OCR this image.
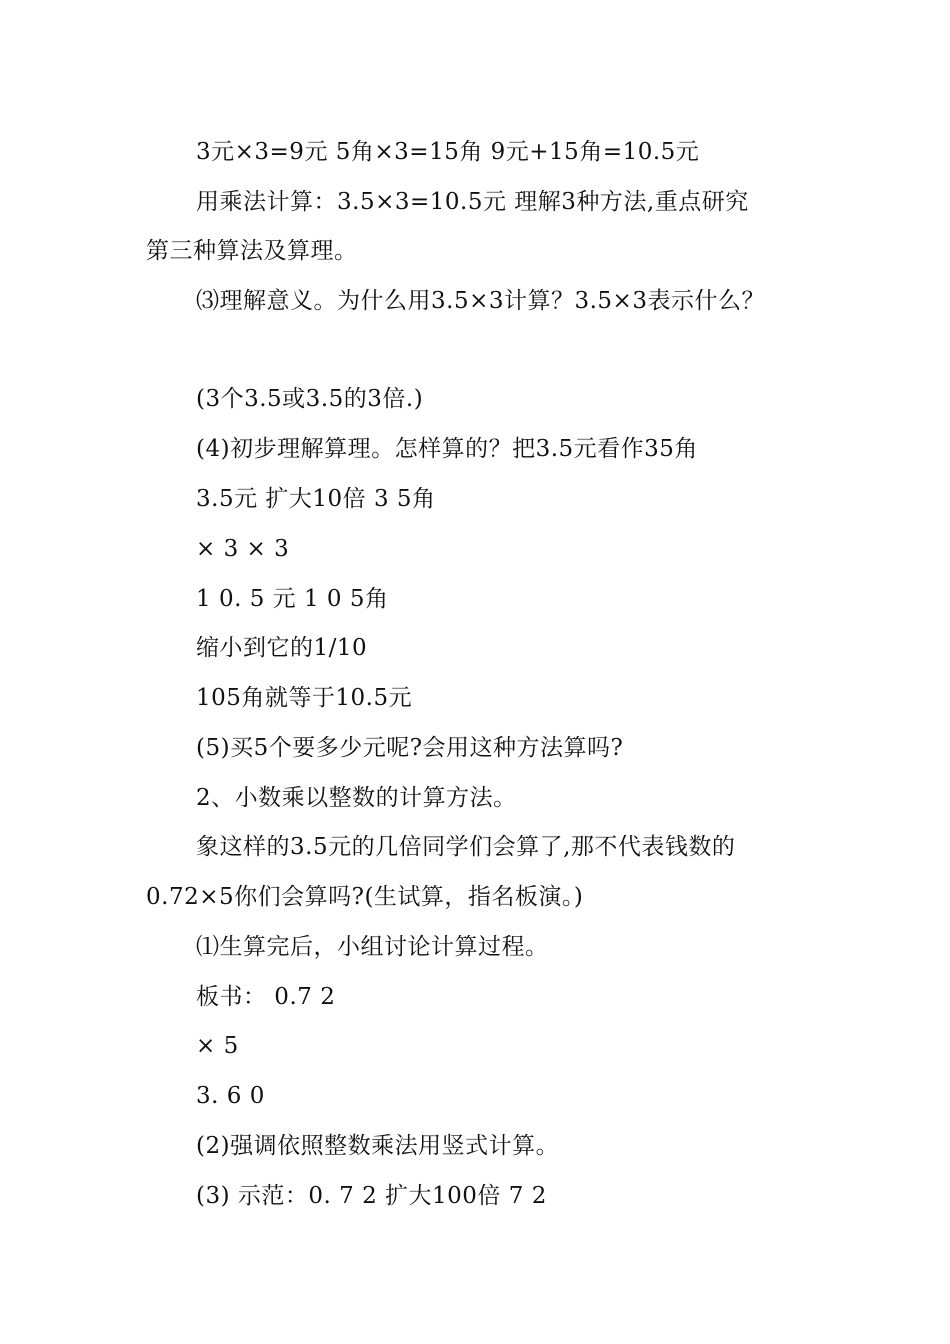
3元×3=9元 5角×3=15角 9元+15角=10.5元
用乘法计算：3.5×3=10.5元 理解3种方法,重点研究
第三种算法及算理。
⑶理解意义。为什么用3.5×3计算？3.5×3表示什么？
(3个3.5或3.5的3倍.)
(4)初步理解算理。怎样算的？把3.5元看作35角
3.5元 扩大10倍 3 5角
× 3 × 3
1 0. 5 元 1 0 5角
缩小到它的1/10
105角就等于10.5元
(5)买5个要多少元呢?会用这种方法算吗?
2、小数乘以整数的计算方法。
象这样的3.5元的几倍同学们会算了,那不代表钱数的
0.72×5你们会算吗?(生试算，指名板演。)
⑴生算完后，小组讨论计算过程。
板书： 0.7 2
× 5
3. 6 0
(2)强调依照整数乘法用竖式计算。
(3) 示范：0. 7 2 扩大100倍 7 2
